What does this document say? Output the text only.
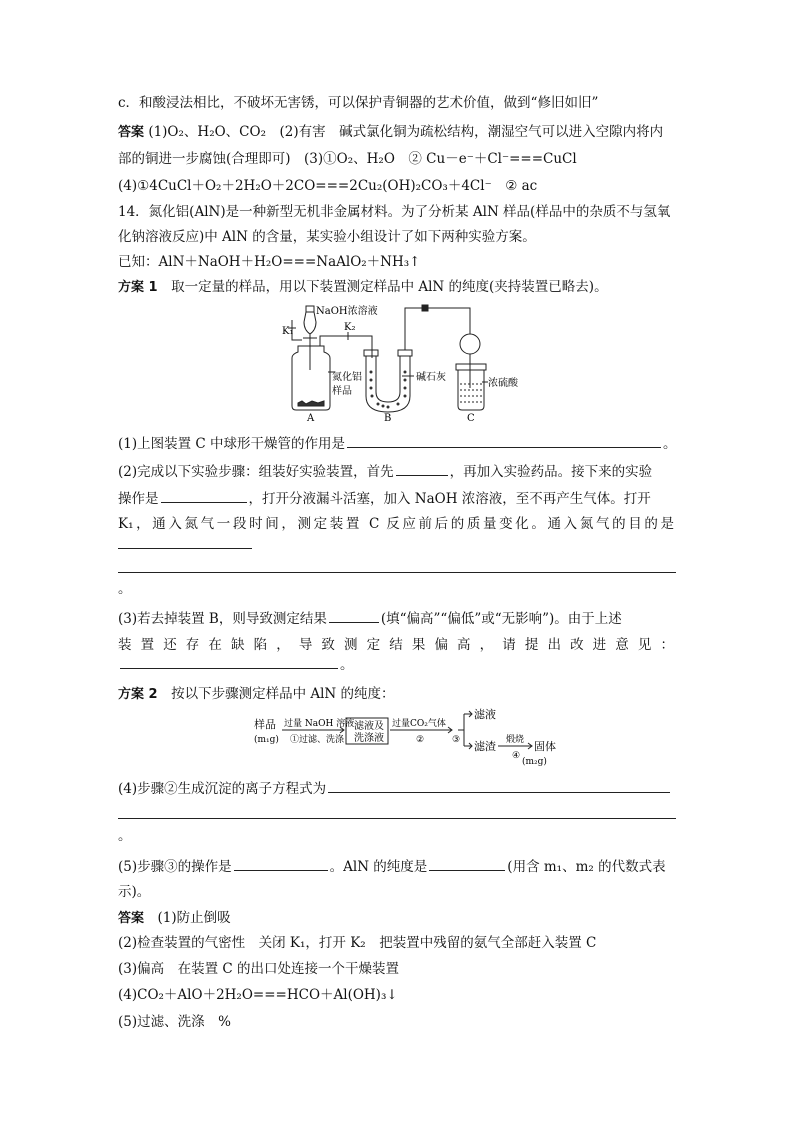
c．和酸浸法相比，不破坏无害锈，可以保护青铜器的艺术价值，做到“修旧如旧”
答案 (1)O₂、H₂O、CO₂　(2)有害　碱式氯化铜为疏松结构，潮湿空气可以进入空隙内将内
部的铜进一步腐蚀(合理即可)　(3)①O₂、H₂O　② Cu－e⁻＋Cl⁻===CuCl
(4)①4CuCl＋O₂＋2H₂O＋2CO===2Cu₂(OH)₂CO₃＋4Cl⁻　② ac
14．氮化铝(AlN)是一种新型无机非金属材料。为了分析某 AlN 样品(样品中的杂质不与氢氧
化钠溶液反应)中 AlN 的含量，某实验小组设计了如下两种实验方案。
已知：AlN＋NaOH＋H₂O===NaAlO₂＋NH₃↑
方案 1　取一定量的样品，用以下装置测定样品中 AlN 的纯度(夹持装置已略去)。
NaOH浓溶液
K₁	K₂
氮化铝
样品
碱石灰
浓硫酸
A	B	C
(1)上图装置 C 中球形干燥管的作用是	。
(2)完成以下实验步骤：组装好实验装置，首先	，再加入实验药品。接下来的实验
操作是	，打开分液漏斗活塞，加入 NaOH 浓溶液，至不再产生气体。打开
K₁，通入氮气一段时间，测定装置 C 反应前后的质量变化。通入氮气的目的是
。
(3)若去掉装置 B，则导致测定结果	(填“偏高”“偏低”或“无影响”)。由于上述
装置还存在缺陷，导致测定结果偏高，请提出改进意见：
。
方案 2　按以下步骤测定样品中 AlN 的纯度：
样品
(m₁g)
过量 NaOH 溶液
①过滤、洗涤
滤液及
洗涤液
过量CO₂气体
②	③
滤液
滤渣 煅烧
④
固体
(m₂g)
(4)步骤②生成沉淀的离子方程式为
。
(5)步骤③的操作是	。AlN 的纯度是	(用含 m₁、m₂ 的代数式表
示)。
答案　(1)防止倒吸
(2)检查装置的气密性　关闭 K₁，打开 K₂　把装置中残留的氨气全部赶入装置 C
(3)偏高　在装置 C 的出口处连接一个干燥装置
(4)CO₂＋AlO＋2H₂O===HCO＋Al(OH)₃↓
(5)过滤、洗涤　%
